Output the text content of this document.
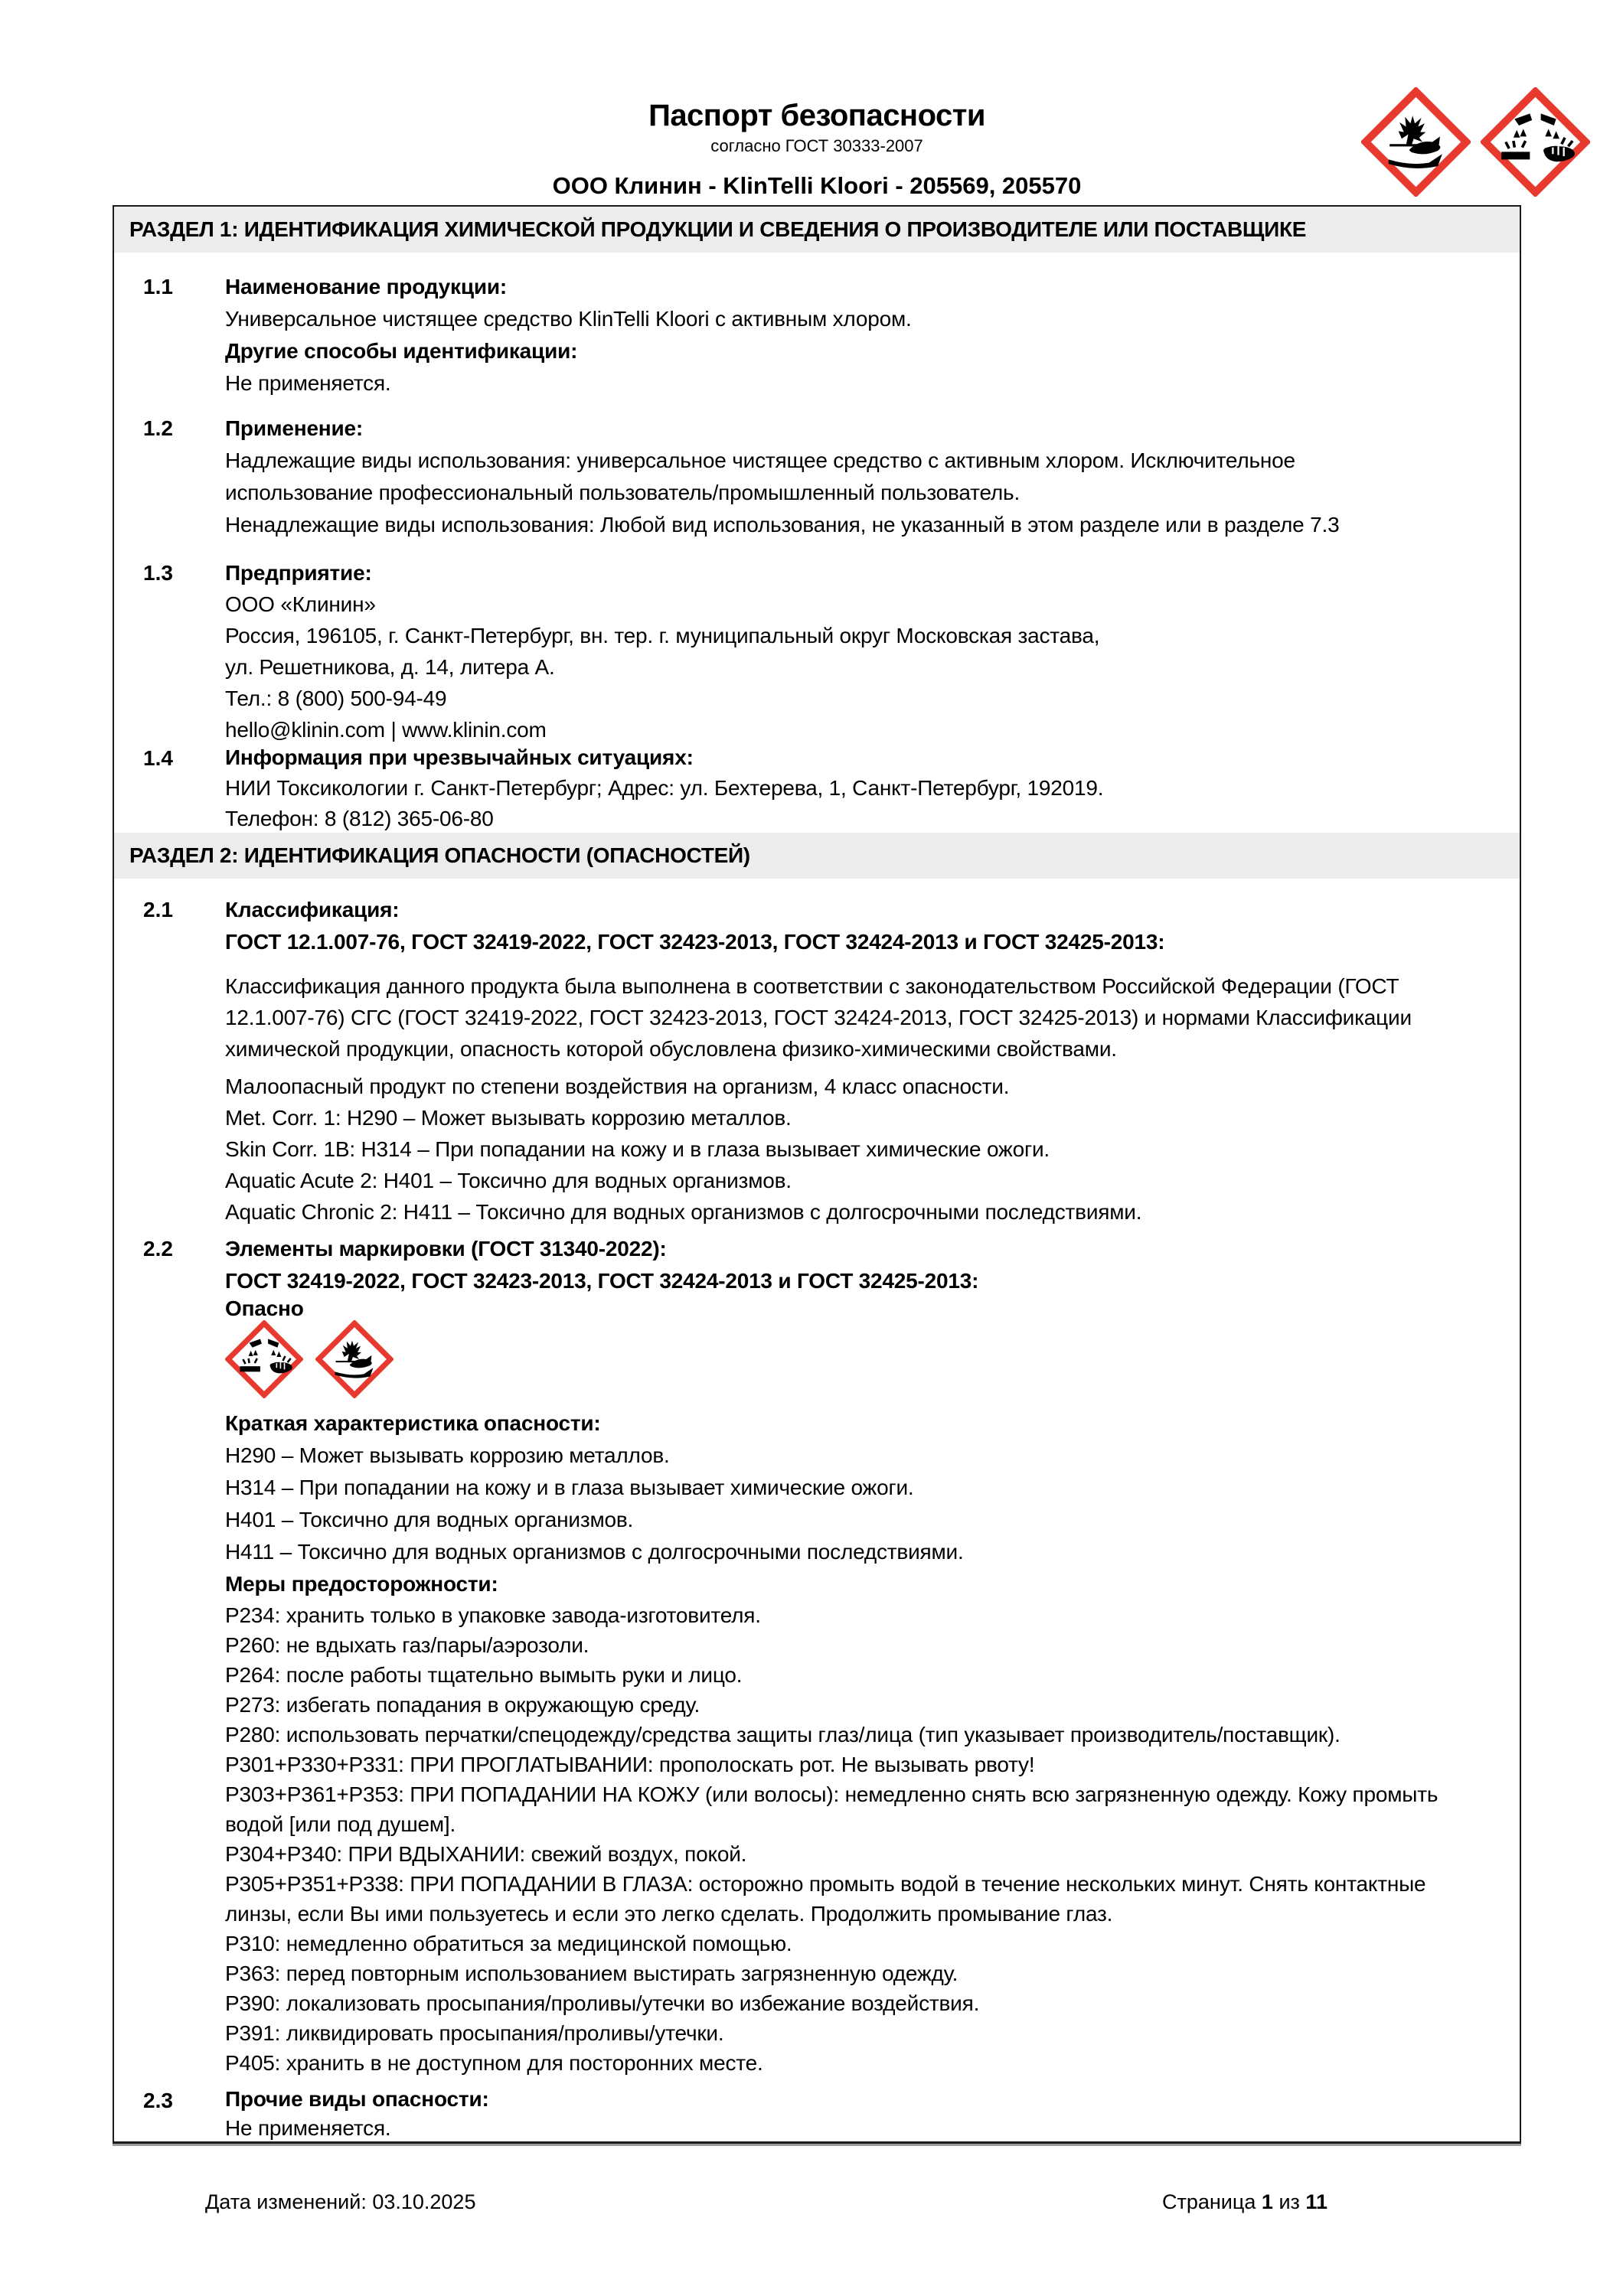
Паспорт безопасности
согласно ГОСТ 30333-2007
ООО Клинин - KlinTelli Kloori - 205569, 205570
РАЗДЕЛ 1: ИДЕНТИФИКАЦИЯ ХИМИЧЕСКОЙ ПРОДУКЦИИ И СВЕДЕНИЯ О ПРОИЗВОДИТЕЛЕ ИЛИ ПОСТАВЩИКЕ
1.1 Наименование продукции:
Универсальное чистящее средство KlinTelli Kloori с активным хлором.
Другие способы идентификации:
Не применяется.
1.2 Применение:
Надлежащие виды использования: универсальное чистящее средство с активным хлором. Исключительное
использование профессиональный пользователь/промышленный пользователь.
Ненадлежащие виды использования: Любой вид использования, не указанный в этом разделе или в разделе 7.3
1.3 Предприятие:
ООО «Клинин»
Россия, 196105, г. Санкт-Петербург, вн. тер. г. муниципальный округ Московская застава,
ул. Решетникова, д. 14, литера А.
Тел.: 8 (800) 500-94-49
hello@klinin.com | www.klinin.com
1.4 Информация при чрезвычайных ситуациях:
НИИ Токсикологии г. Санкт-Петербург; Адрес: ул. Бехтерева, 1, Санкт-Петербург, 192019.
Телефон: 8 (812) 365-06-80
РАЗДЕЛ 2: ИДЕНТИФИКАЦИЯ ОПАСНОСТИ (ОПАСНОСТЕЙ)
2.1 Классификация:
ГОСТ 12.1.007-76, ГОСТ 32419-2022, ГОСТ 32423-2013, ГОСТ 32424-2013 и ГОСТ 32425-2013:
Классификация данного продукта была выполнена в соответствии с законодательством Российской Федерации (ГОСТ
12.1.007-76) СГС (ГОСТ 32419-2022, ГОСТ 32423-2013, ГОСТ 32424-2013, ГОСТ 32425-2013) и нормами Классификации
химической продукции, опасность которой обусловлена физико-химическими свойствами.
Малоопасный продукт по степени воздействия на организм, 4 класс опасности.
Met. Corr. 1: H290 – Может вызывать коррозию металлов.
Skin Corr. 1B: H314 – При попадании на кожу и в глаза вызывает химические ожоги.
Aquatic Acute 2: H401 – Токсично для водных организмов.
Aquatic Chronic 2: H411 – Токсично для водных организмов с долгосрочными последствиями.
2.2 Элементы маркировки (ГОСТ 31340-2022):
ГОСТ 32419-2022, ГОСТ 32423-2013, ГОСТ 32424-2013 и ГОСТ 32425-2013:
Опасно
Краткая характеристика опасности:
H290 – Может вызывать коррозию металлов.
H314 – При попадании на кожу и в глаза вызывает химические ожоги.
H401 – Токсично для водных организмов.
H411 – Токсично для водных организмов с долгосрочными последствиями.
Меры предосторожности:
P234: хранить только в упаковке завода-изготовителя.
P260: не вдыхать газ/пары/аэрозоли.
P264: после работы тщательно вымыть руки и лицо.
P273: избегать попадания в окружающую среду.
P280: использовать перчатки/спецодежду/средства защиты глаз/лица (тип указывает производитель/поставщик).
P301+P330+P331: ПРИ ПРОГЛАТЫВАНИИ: прополоскать рот. Не вызывать рвоту!
P303+P361+P353: ПРИ ПОПАДАНИИ НА КОЖУ (или волосы): немедленно снять всю загрязненную одежду. Кожу промыть
водой [или под душем].
P304+P340: ПРИ ВДЫХАНИИ: свежий воздух, покой.
P305+P351+P338: ПРИ ПОПАДАНИИ В ГЛАЗА: осторожно промыть водой в течение нескольких минут. Снять контактные
линзы, если Вы ими пользуетесь и если это легко сделать. Продолжить промывание глаз.
P310: немедленно обратиться за медицинской помощью.
P363: перед повторным использованием выстирать загрязненную одежду.
P390: локализовать просыпания/проливы/утечки во избежание воздействия.
P391: ликвидировать просыпания/проливы/утечки.
P405: хранить в не доступном для посторонних месте.
2.3 Прочие виды опасности:
Не применяется.
Дата изменений: 03.10.2025	Страница 1 из 11
